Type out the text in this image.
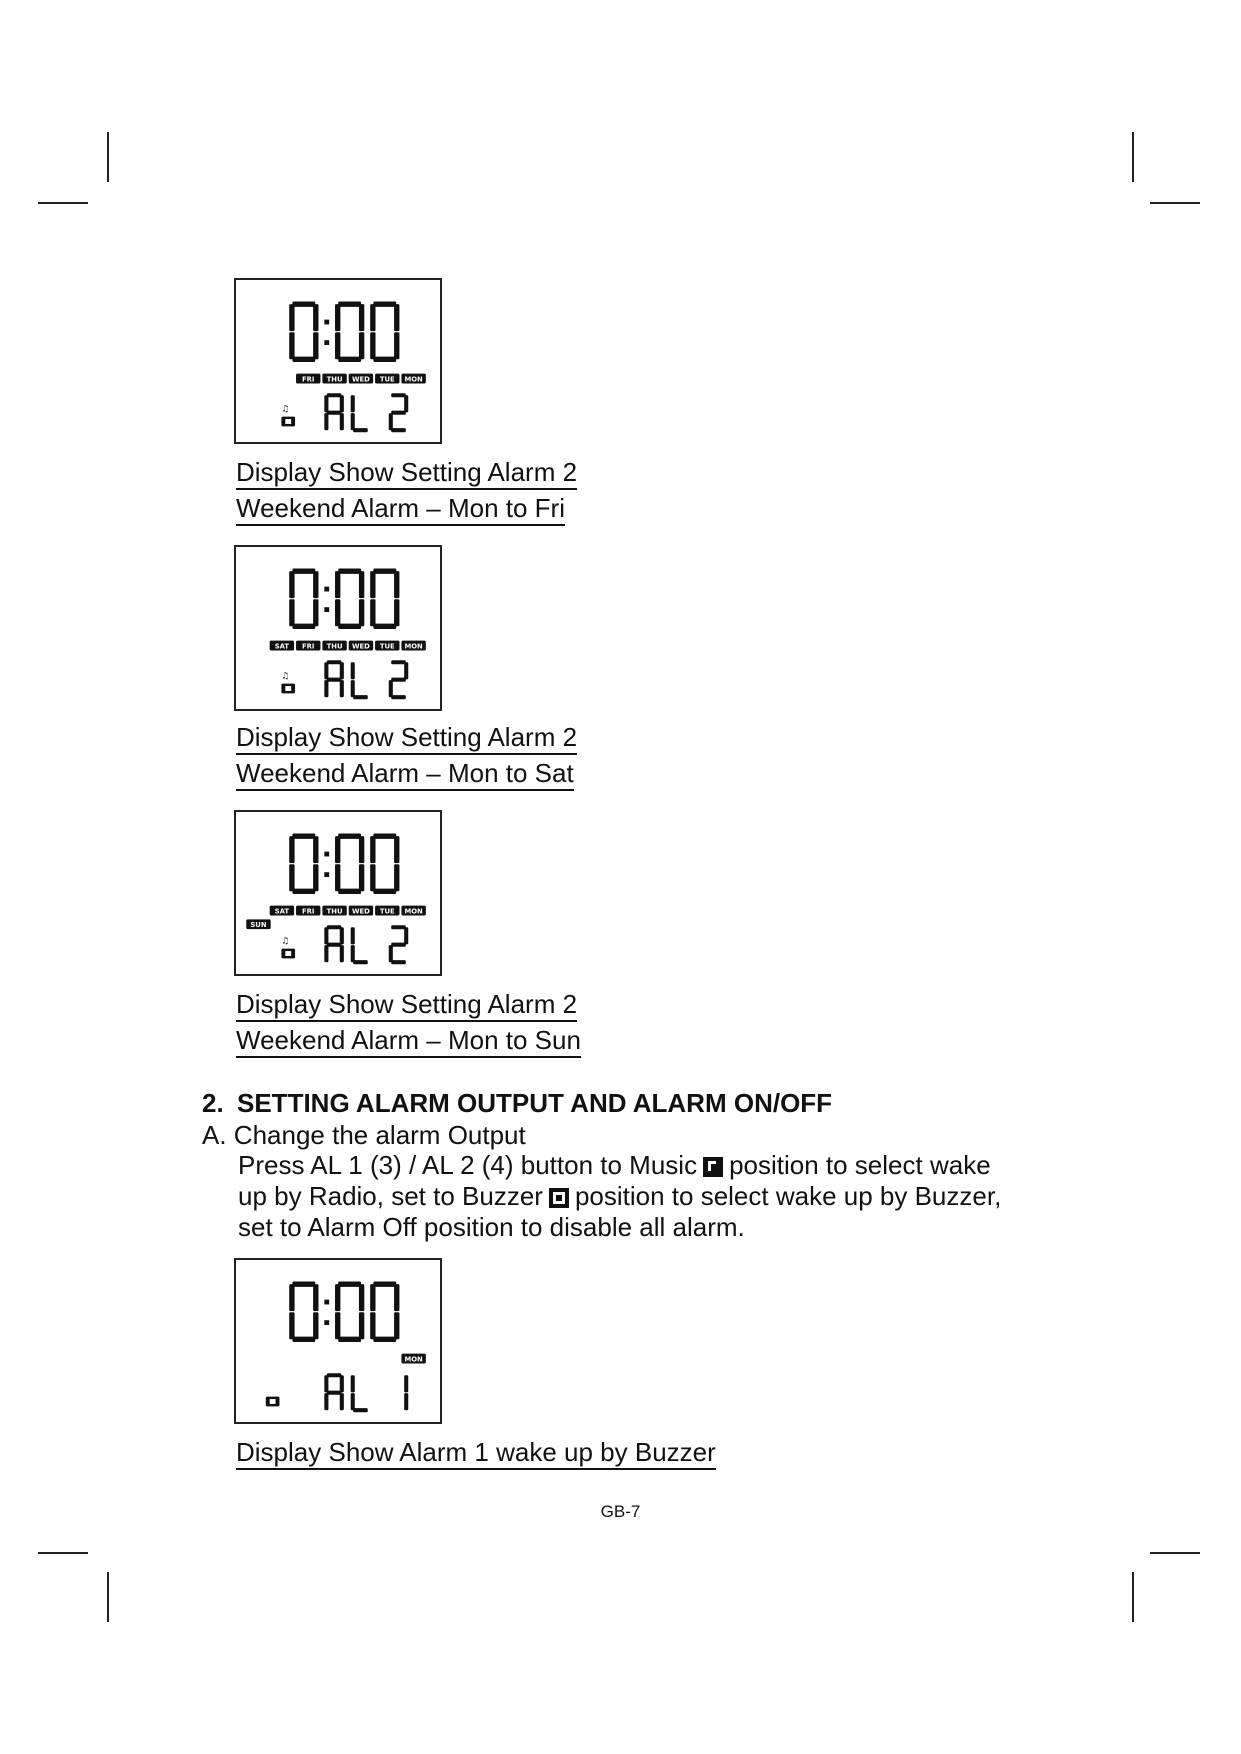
MON
TUE
WED
THU
FRI
♫
Display Show Setting Alarm 2
Weekend Alarm – Mon to Fri
MON
TUE
WED
THU
FRI
SAT
♫
Display Show Setting Alarm 2
Weekend Alarm – Mon to Sat
MON
TUE
WED
THU
FRI
SAT
SUN
♫
Display Show Setting Alarm 2
Weekend Alarm – Mon to Sun
2. SETTING ALARM OUTPUT AND ALARM ON/OFF
A. Change the alarm Output
Press AL 1 (3) / AL 2 (4) button to Music position to select wake
up by Radio, set to Buzzer position to select wake up by Buzzer,
set to Alarm Off position to disable all alarm.
MON
Display Show Alarm 1 wake up by Buzzer
GB-7
